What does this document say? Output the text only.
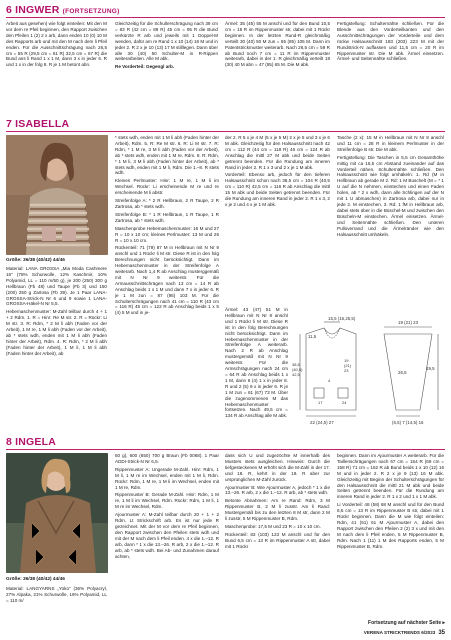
6 INGWER (FORTSETZUNG)

Arbeit aus gesehen) wie folgt einteilen: Mit den M vor dem re Pfeil beginnen, den Rapport zwischen den Pfeilen 1 (2) 2 x arb, dann enden 10 (0) 10 M des Rapports arb und mit den M nach dem li Pfeil enden. Für die Ausschnittschrägung nach 26,5 cm = 55 R (29,5 cm = 61 R) 32,5 cm = 67 R) die Bund ans li Rand 1 x 1 M, dann 3 x in jeder 6. R und 1 x in der folg 8. R je 1 M betont abn.

Gleichzeitig für die Schulterschrägung nach 39 cm = 83 R (42 cm = 89 R) 45 cm = 95 R die Bund verkürzte R arb und jeweils mit 1 Doppel-M wenden, dafür am re Rand 1 x 10 (14) 16 M und in jeder 2. R 2 x je 10 (13) 17 M stilllegen. Dann über alle 30 (40) 50 Schulter-M in R-Rippen weiterarbeiten. Alle M abk.

Re Vorderteil: Gegengl arb.

Ärmel: 35 (45) 55 M anschl und für den Bund 10,5 cm = 18 R im Rippenmuster str, dabei mit 1 Rückr beginnen. In der letzten Rund-R gleichmäßig verteilt 30 (40) 50 M zun = 65 (85) 105 M. Dann im Patentstrickmuster weiterarb. Nach 26,5 cm = 59 R ab Bund noch 7 cm = 11 R im Rippenmuster weiterarb, dabei in der 1. R gleichmäßig verteilt 18 (30) 40 M abn = 47 (55) 65 M. Die M abk.

Fertigstellung: Schulternähte schließen. Für die Blende aus den Vorderteilkanten und den Ausschnittschrägungen der Vorderteile und dem rückw Halsausschnitt 183 (203) 223 M mit der Rundstrick-N auffassen und 11,5 cm = 20 R im Rippenmuster str. Die M abk. Ärmel einsetzen. Ärmel- und Seitennähte schließen.

7 ISABELLA
Größe: 36/38 (40/42) 44/46

Material: LANA GROSSA „Mia Moda Cashmere 16“ (78% Schurwolle, 12% Kaschmir, 10% Polyamid, LL = 110 m/50 g), je 200 (250) 300 g Hellbraun (Fb 48) und Taupe (Fb 3) und 150 (200) 250 g Zartosa (Fb 39). Je 1 Paar LANA-GROSSA-Strick-N Nr 6 und 9 sowie 1 LANA-GROSSA-Häkel-N Nr 5,5.

Hebemaschenmuster: M-Zahl teilbar durch 4 + 1 + 2 Rdm. 1. R = Hinr: Re M str. 2. R = Rückr: Li M str. 3. R: Rdm, * 2 M li abh (Faden vor der Arbeit), 1 M re, 1 M li abh (Faden vor der Arbeit), ab * stets wdh, enden mit 1 M li abh (Faden hinter der Arbeit), Rdm. 4. R: Rdm, * 2 M li abh (Faden hinter der Arbeit), 1 M li, 1 M li abh (Faden hinter der Arbeit), ab

* stets wdh, enden mit 1 M li abh (Faden hinter der Arbeit), Rdm. 5. R: Re M str. 6. R: Li M str. 7. R: Rdm, * 1 M re, 3 M li abh (Faden vor der Arbeit), ab * stets wdh, enden mit 1 M re, Rdm. 8. R: Rdm, * 1 M li, 3 M li abh (Faden hinter der Arbeit), ab * stets wdh, enden mit 1 M li, Rdm. Die 1.–8. R stets wdh.

Kleines Perlmuster: Hinr: 1 M re, 1 M li im Wechsel. Rückr: Li erscheinende M re und re erscheinende M li abstr.

Streifenfolge A: * 2 R Hellbraun, 2 R Taupe, 2 R Zartrosa, ab * stets wdh.

Streifenfolge B: * 1 R Hellbraun, 1 R Taupe, 1 R Zartrosa, ab * stets wdh.

Maschenprobe Hebemaschenmuster: 16 M und 27 R = 10 x 10 cm; kleines Perlmuster: 13 M und 26 R = 10 x 10 cm.

Rückenteil: 71 (79) 87 M in Hellbraun mit N Nr 9 anschl und 1 Rückr li M str. Diese R ist in den folg Berechnungen nicht berücksichtigt. Dann im Hebemaschenmuster in der Streifenfolge A weiterarb. Nach 1,4 R ab Anschlag musterggemäß mit N Nr 9 weiterstr. Für die Armausschnittschrägen nach 13 cm = 14 R ab Anschlag beids 1 x 1 M und dann 7 x in jeder 6. R je 1 M zun = 87 (95) 103 M. Für die Schulterschrägungen nach 41 cm = 110 R (43 cm = 116 R) 45 cm = 122 R ab Anschlag beids 1 x 5 (4) 5 M und in je-

der 2. R 5 x je 4 M (5 x je 5 M) 2 x je 5 und 3 x je 6 M abk. Gleichzeitig für den Halsausschnitt nach 42 cm = 112 R (44 cm = 118 R) 46 cm = 124 R ab Anschlag die mittl 27 M abk und beide Seiten getrennt beenden. Für die Rundung am inneren Rand in jeder 2. R 1 x 3 und 2 x je 1 M abk.

Vorderteil: Ebenso arb, jedoch für den tieferen Halsausschnitt schon nach 38,5 cm = 104 R (40,5 cm = 110 R) 42,5 cm = 116 R ab Anschlag die mittl 15 M abk und beide Seiten getrennt beenden. Für die Rundung am inneren Rand in jeder 2. R 1 x 3, 2 x je 2 und 4 x je 1 M abk.

Ärmel: 43 (47) 51 M in Hellbraun mit N Nr 8 anschl und 1 Rückr li M str. Diese R ist in den folg Berechnungen nicht berücksichtigt. Dann im Hebemaschenmuster in der Streifenfolge A weiterarb. Nach 2 R ab Anschlag mustergemäß mit N Nr 9 weiterstr. Für die Armschrägungen nach 24 cm = 64 R ab Anschlag beids 1 x 1 M, dann 6 (4) 1 x in jeder 8. R und 2 (5) 9 x in jeder 6. R je 1 M zun = 61 (67) 73 M. Über die zugenommenen M das Hebemaschenmuster fortsetzen. Nach 49,5 cm = 134 R ab Anschlag alle M abk.

Tasche (2 x): 15 M in Hellbraun mit N Nr 8 anschl und 11 cm = 28 R in kleinem Perlmuster in der Streifenfolge B str. Die M abk.

Fertigstellung: Die Taschen in 5,5 cm Gesamthöhe mittig mit ca 16,5 cm Abstand zueinander auf das Vorderteil nähen. Schulternähte schließen. Den Halsausschnitt wie folgt umhäkeln: 1. Rd (M in Hellbraun ab gerade M 2. Rd: 1 M Buschelt (M = * 1 U auf die N nehmen, einstechen und einen Faden holen, ab * 2 x wdh, dann alle Schlingen auf der N mit 1 U abmaschen) in Zartrosa arb, dabei nur in jede 2. M einstechen. 3. Rd: 1 fM in Hellbraun arb, dabei stets über in die Büschel-M und zwischen den Büscheln-M einstechen. Ärmel einsetzen. Ärmel- und Seitennähte schließen. Den unteren Pulloverrand und die Ärmelränder wie den Halsausschnitt umhäkeln.

15,5 (16,25,5)
11,5
38,5
(40,5)
42,5
19
(21)
23
4
17	24
22 (24,5) 27
19 (21) 23
49,5
26,5
(6,5) 7 (14,5) 16
8 INGELA
Größe: 36/38 (40/42) 44/46

Material: LANGYARNS „Yoko“ (36% Polyacryl, 27% Alpaka, 21% Schurwolle, 16% Polyamid, LL = 110 m/

50 g), 600 (650) 700 g Braun (Fb 0068). 1 Paar ADDI-Strick-N Nr 6,5.

Rippenmuster A: Ungerade M-Zahl. Hinr: Rdm, 1 M li, 1 M re im Wechsel, enden mit 1 M li, Rdm. Rückr: Rdm, 1 M re, 1 M li im Wechsel, enden mit 1 M re, Rdm.

Rippenmuster B: Gerade M-Zahl. Hinr: Rdm, 1 M re, 1 M li im Wechsel, Rdm. Rückr: Rdm, 1 M li, 1 M re im Wechsel, Rdm.

Ajourmuster A: M-Zahl teilbar durch 20 + 1 + 2 Rdm. Lt Strickschrift arb. Es ist nur jede R gezeichnet. Mit der M vor dem re Pfeil beginnen, den Rapport zwischen den Pfeilen stets wdh und mit der M nach dem li Pfeil enden. 4 x die 1.–12. R arb, dann * 1 x die 13.–26. R arb, 2 x die 1.–12. R arb, ab * stets wdh. Bei Ab- und Zunahmen darauf achten,

dass sich U und zugezöchte M innerhalb des Musters stets ausgleichen. Hinweis: Durch die tiefgesteckenen M erhöht sich die M-Zahl in der 17. und 18. R, kehrt in der 19. R aber zur ursprünglichen M-Zahl zurück.

Ajourmuster B: Wie Ajourmuster A, jedoch * 1 x die 13.–26. R arb, 2 x die 1.–12. R arb, ab * stets wdh.

Betonte Abnahmen: Am re Rand: Rdm, 3 M Rippenmuster B, 2 M li zusstr. Am li Rand: Mustergemäß bis zu den letzten 8 M str, dann 2 M li zusstr, 5 M Rippenmuster B, Rdm.

Maschenprobe: 17,5 M und 23 R = 10 x 10 cm.

Rückenteil: 83 (103) 123 M anschl und für den Bund 6,5 cm = 13 R im Rippenmuster A str, dabei mit 1 Rückr

beginnen. Dann im Ajourmuster A weiterarb. Für die Taillenschrägungen nach 67 cm = 154 R (69 cm = 158 R) 71 cm = 162 R ab Bund beids 1 x 10 (12) 16 M und in jeder 2. R 2 x je 9 (13) 16 M abk. Gleichzeitig mit Beginn der Schulterschrägungen für den Halsausschnitt die mittl 21 M abk und beide Seiten getrennt beenden. Für die Rundung am inneren Rand in jeder 2. R 1 x 2 und 1 x 1 M abk.

Li Vorderteil: 48 (58) 68 M anschl und für den Bund 6,5 cm = 13 R im Rippenmuster B str, dabei mit 1 Rückr beginnen. Dann die M wie folgt einteilen: Rdm, 41 (51) 61 M Ajourmuster A, dabei den Rapport zwischen den Pfeilen 2 (2) 3 x und mit den M nach dem li Pfeil enden, 5 M Rippenmuster B, Rdm. Nach 1 (11) 1 M des Rapports enden, 5 M Rippenmuster B, Rdm.

Fortsetzung auf nächster Seite ▸
VERENA STRICKTRENDS 6/2023 35
